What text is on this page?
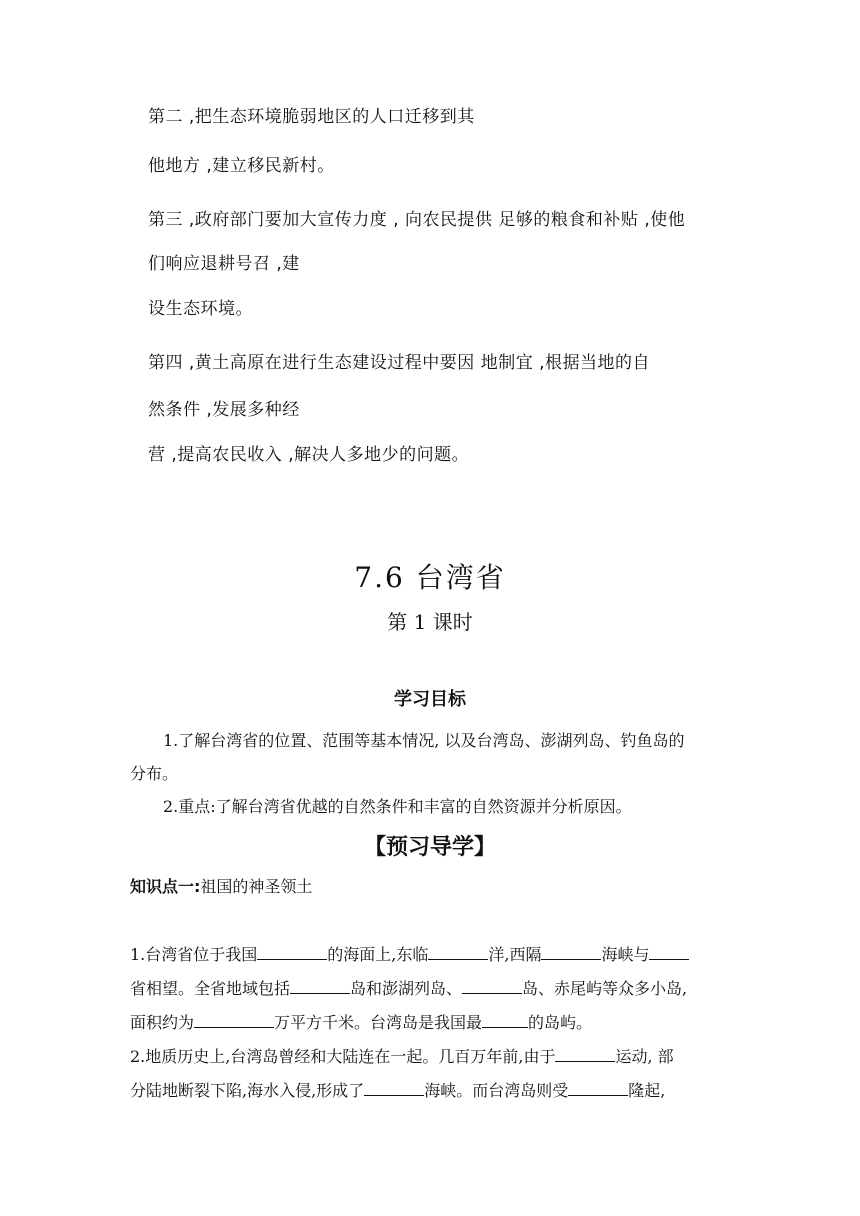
第二 ,把生态环境脆弱地区的人口迁移到其
他地方 ,建立移民新村。
第三 ,政府部门要加大宣传力度 , 向农民提供 足够的粮食和补贴 ,使他
们响应退耕号召 ,建
设生态环境。
第四 ,黄土高原在进行生态建设过程中要因 地制宜 ,根据当地的自
然条件 ,发展多种经
营 ,提高农民收入 ,解决人多地少的问题。
7.6 台湾省
第 1 课时
学习目标
1.了解台湾省的位置、范围等基本情况, 以及台湾岛、澎湖列岛、钓鱼岛的
分布。
2.重点:了解台湾省优越的自然条件和丰富的自然资源并分析原因。
【预习导学】
知识点一:祖国的神圣领土
1.台湾省位于我国	的海面上,东临	洋,西隔	海峡与
省相望。全省地域包括	岛和澎湖列岛、	岛、赤尾屿等众多小岛,
面积约为	万平方千米。台湾岛是我国最	的岛屿。
2.地质历史上,台湾岛曾经和大陆连在一起。几百万年前,由于	运动, 部
分陆地断裂下陷,海水入侵,形成了	海峡。而台湾岛则受	隆起,
